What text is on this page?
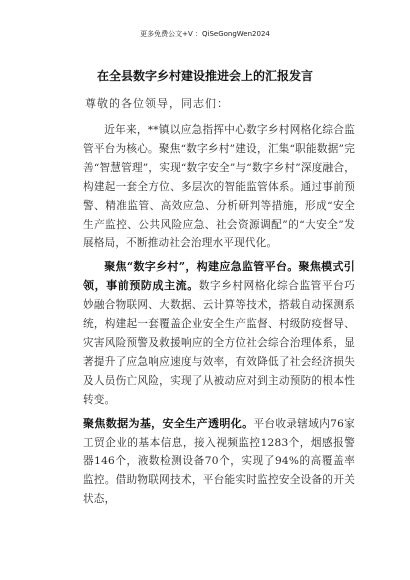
更多免费公文+V ：QiSeGongWen2024
在全县数字乡村建设推进会上的汇报发言
尊敬的各位领导，同志们：

近年来，**镇以应急指挥中心数字乡村网格化综合监管平台为核心。聚焦“数字乡村”建设，汇集“职能数据”完善“智慧管理”，实现“数字安全”与“数字乡村”深度融合，构建起一套全方位、多层次的智能监管体系。通过事前预警、精准监管、高效应急、分析研判等措施，形成“安全生产监控、公共风险应急、社会资源调配”的“大安全”发展格局，不断推动社会治理水平现代化。

聚焦“数字乡村”，构建应急监管平台。聚焦模式引领，事前预防成主流。数字乡村网格化综合监管平台巧妙融合物联网、大数据、云计算等技术，搭载自动探测系统，构建起一套覆盖企业安全生产监督、村级防疫督导、灾害风险预警及救援响应的全方位社会综合治理体系，显著提升了应急响应速度与效率，有效降低了社会经济损失及人员伤亡风险，实现了从被动应对到主动预防的根本性转变。

聚焦数据为基，安全生产透明化。平台收录辖域内76家工贸企业的基本信息，接入视频监控1283个，烟感报警器146个，液数检测设备70个，实现了94%的高覆盖率监控。借助物联网技术，平台能实时监控安全设备的开关状态，
